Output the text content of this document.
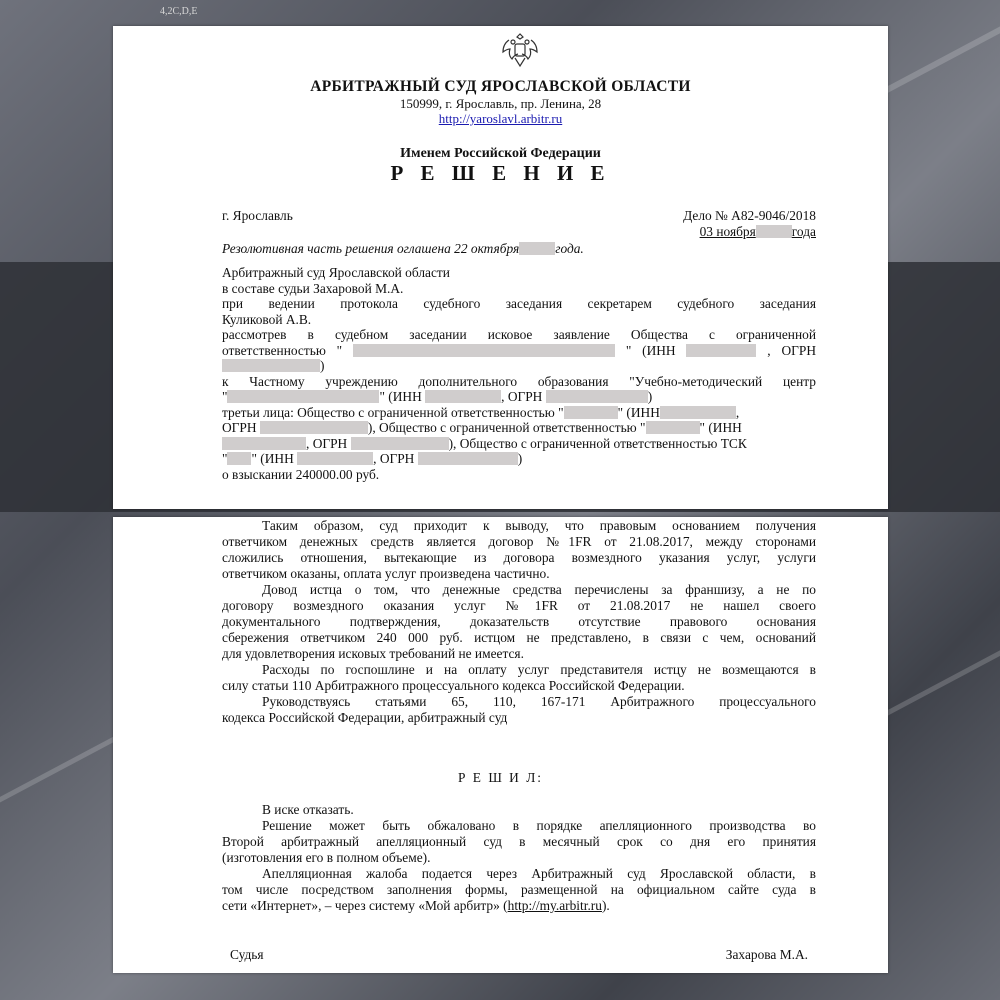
4,2C,D,E
АРБИТРАЖНЫЙ СУД ЯРОСЛАВСКОЙ ОБЛАСТИ
150999, г. Ярославль, пр. Ленина, 28
http://yaroslavl.arbitr.ru
Именем Российской Федерации
Р Е Ш Е Н И Е
г. Ярославль	Дело № А82-9046/2018
03 ноября	года
Резолютивная часть решения оглашена 22 октября	года.
Арбитражный суд Ярославской области
в составе судьи Захаровой М.А.
при ведении протокола судебного заседания секретарем судебного заседания
Куликовой А.В.
рассмотрев в судебном заседании исковое заявление Общества с ограниченной
ответственностью "	" (ИНН	, ОГРН
)
к Частному учреждению дополнительного образования "Учебно-методический центр
"	" (ИНН	, ОГРН	)
третьи лица: Общество с ограниченной ответственностью "	" (ИНН	,
ОГРН	), Общество с ограниченной ответственностью "	" (ИНН
, ОГРН	), Общество с ограниченной ответственностью ТСК
" " (ИНН	, ОГРН	)
о взыскании 240000.00 руб.
Таким образом, суд приходит к выводу, что правовым основанием получения
ответчиком денежных средств является договор №1FR от 21.08.2017, между сторонами
сложились отношения, вытекающие из договора возмездного указания услуг, услуги
ответчиком оказаны, оплата услуг произведена частично.
Довод истца о том, что денежные средства перечислены за франшизу, а не по
договору возмездного оказания услуг №1FR от 21.08.2017 не нашел своего
документального подтверждения, доказательств отсутствие правового основания
сбережения ответчиком 240 000 руб. истцом не представлено, в связи с чем, оснований
для удовлетворения исковых требований не имеется.
Расходы по госпошлине и на оплату услуг представителя истцу не возмещаются в
силу статьи 110 Арбитражного процессуального кодекса Российской Федерации.
Руководствуясь статьями 65, 110, 167-171 Арбитражного процессуального
кодекса Российской Федерации, арбитражный суд
Р Е Ш И Л:
В иске отказать.
Решение может быть обжаловано в порядке апелляционного производства во
Второй арбитражный апелляционный суд в месячный срок со дня его принятия
(изготовления его в полном объеме).
Апелляционная жалоба подается через Арбитражный суд Ярославской области, в
том числе посредством заполнения формы, размещенной на официальном сайте суда в
сети «Интернет», – через систему «Мой арбитр» (http://my.arbitr.ru).
Судья	Захарова М.А.
